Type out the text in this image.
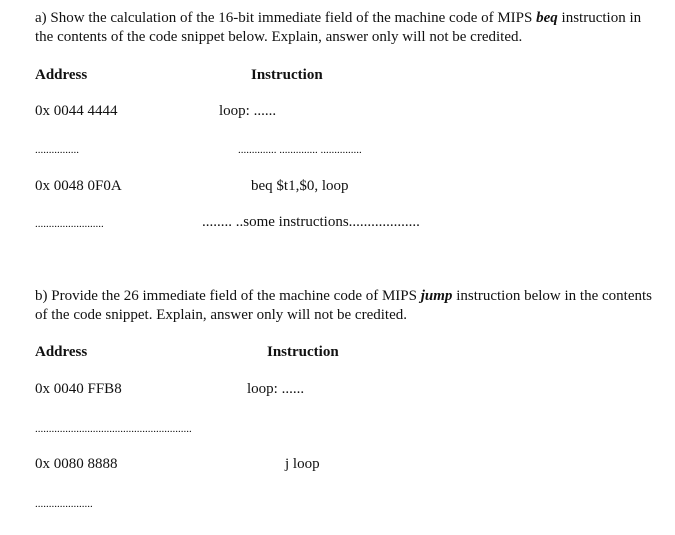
a) Show the calculation of the 16-bit immediate field of the machine code of MIPS beq instruction in the contents of the code snippet below. Explain, answer only will not be credited.
Address	Instruction
0x 0044 4444	loop: ......
................	.............. .............. ...............
0x 0048 0F0A	beq $t1,$0, loop
.........................	........ ..some instructions...................
b) Provide the 26 immediate field of the machine code of MIPS jump instruction below in the contents of the code snippet. Explain, answer only will not be credited.
Address	Instruction
0x 0040 FFB8	loop: ......
.........................................................
0x 0080 8888	j loop
.....................
